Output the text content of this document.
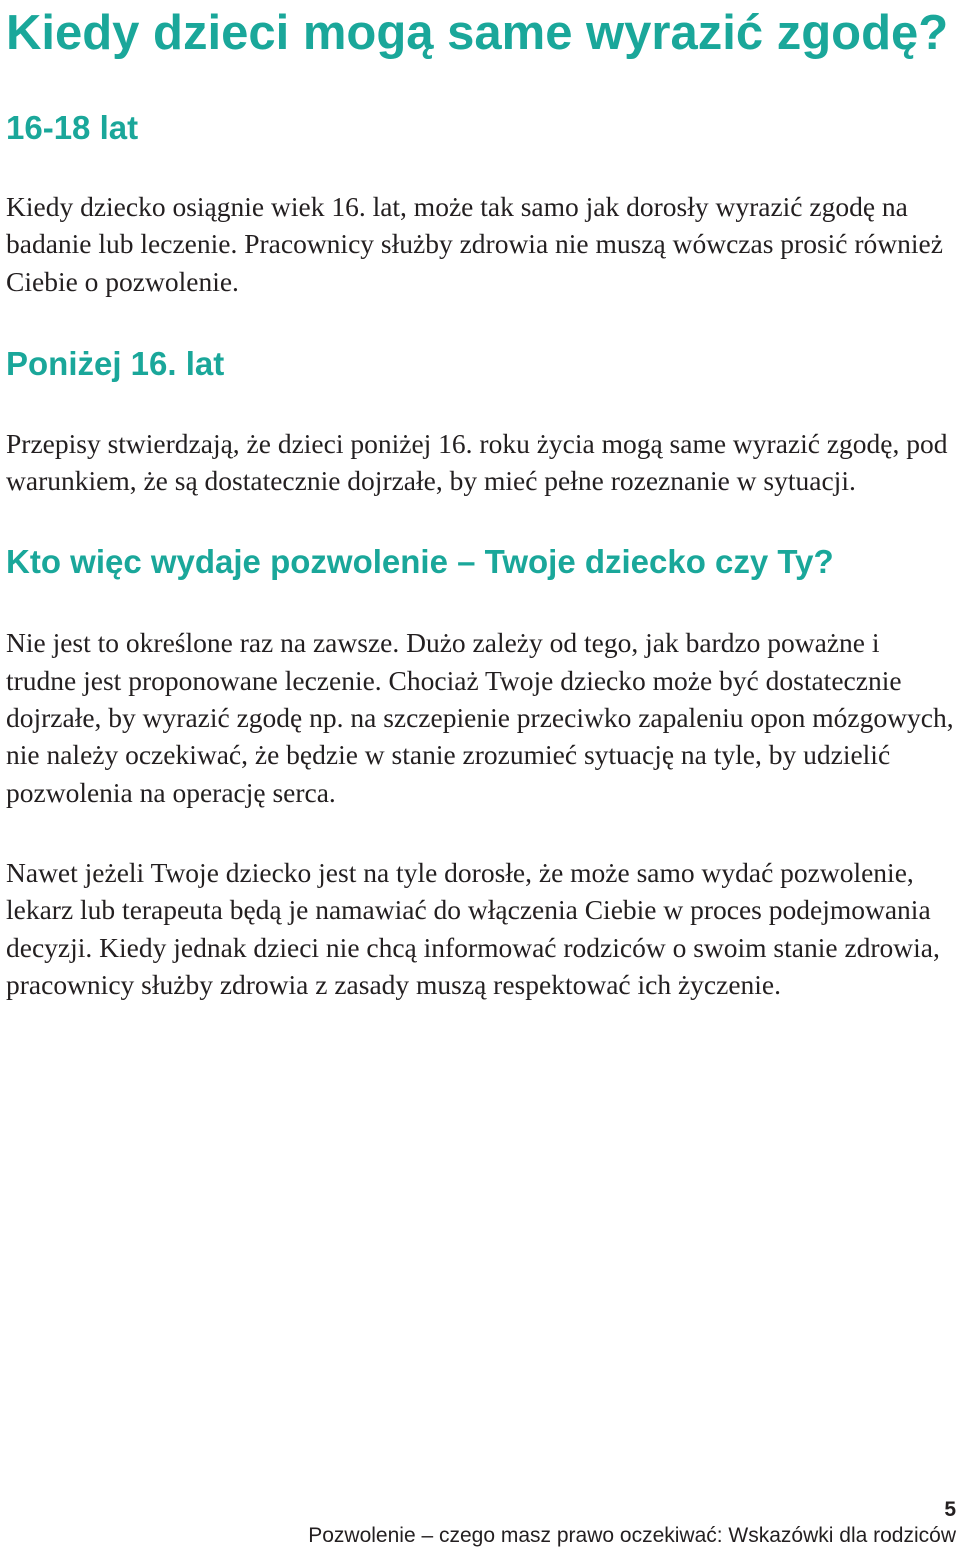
Kiedy dzieci mogą same wyrazić zgodę?
16-18 lat

Kiedy dziecko osiągnie wiek 16. lat, może tak samo jak dorosły wyrazić zgodę na badanie lub leczenie. Pracownicy służby zdrowia nie muszą wówczas prosić również Ciebie o pozwolenie.

Poniżej 16. lat

Przepisy stwierdzają, że dzieci poniżej 16. roku życia mogą same wyrazić zgodę, pod warunkiem, że są dostatecznie dojrzałe, by mieć pełne rozeznanie w sytuacji.

Kto więc wydaje pozwolenie – Twoje dziecko czy Ty?

Nie jest to określone raz na zawsze. Dużo zależy od tego, jak bardzo poważne i trudne jest proponowane leczenie. Chociaż Twoje dziecko może być dostatecznie dojrzałe, by wyrazić zgodę np. na szczepienie przeciwko zapaleniu opon mózgowych, nie należy oczekiwać, że będzie w stanie zrozumieć sytuację na tyle, by udzielić pozwolenia na operację serca.

Nawet jeżeli Twoje dziecko jest na tyle dorosłe, że może samo wydać pozwolenie, lekarz lub terapeuta będą je namawiać do włączenia Ciebie w proces podejmowania decyzji. Kiedy jednak dzieci nie chcą informować rodziców o swoim stanie zdrowia, pracownicy służby zdrowia z zasady muszą respektować ich życzenie.

5
Pozwolenie – czego masz prawo oczekiwać: Wskazówki dla rodziców
